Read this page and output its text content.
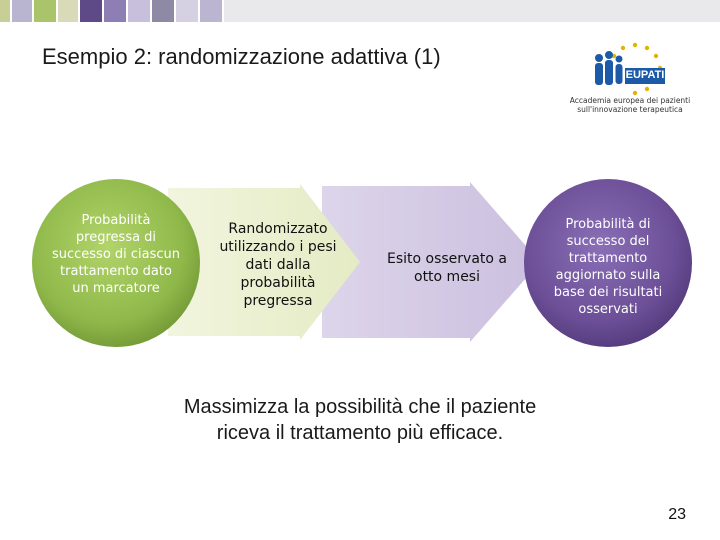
Esempio 2: randomizzazione adattiva (1)
EUPATI
Accademia europea dei pazienti
sull'innovazione terapeutica
Probabilità pregressa di successo di ciascun trattamento dato un marcatore
Randomizzato utilizzando i pesi dati dalla probabilità pregressa
Esito osservato a otto mesi
Probabilità di successo del trattamento aggiornato sulla base dei risultati osservati
Massimizza la possibilità che il paziente
riceva il trattamento più efficace.
23
